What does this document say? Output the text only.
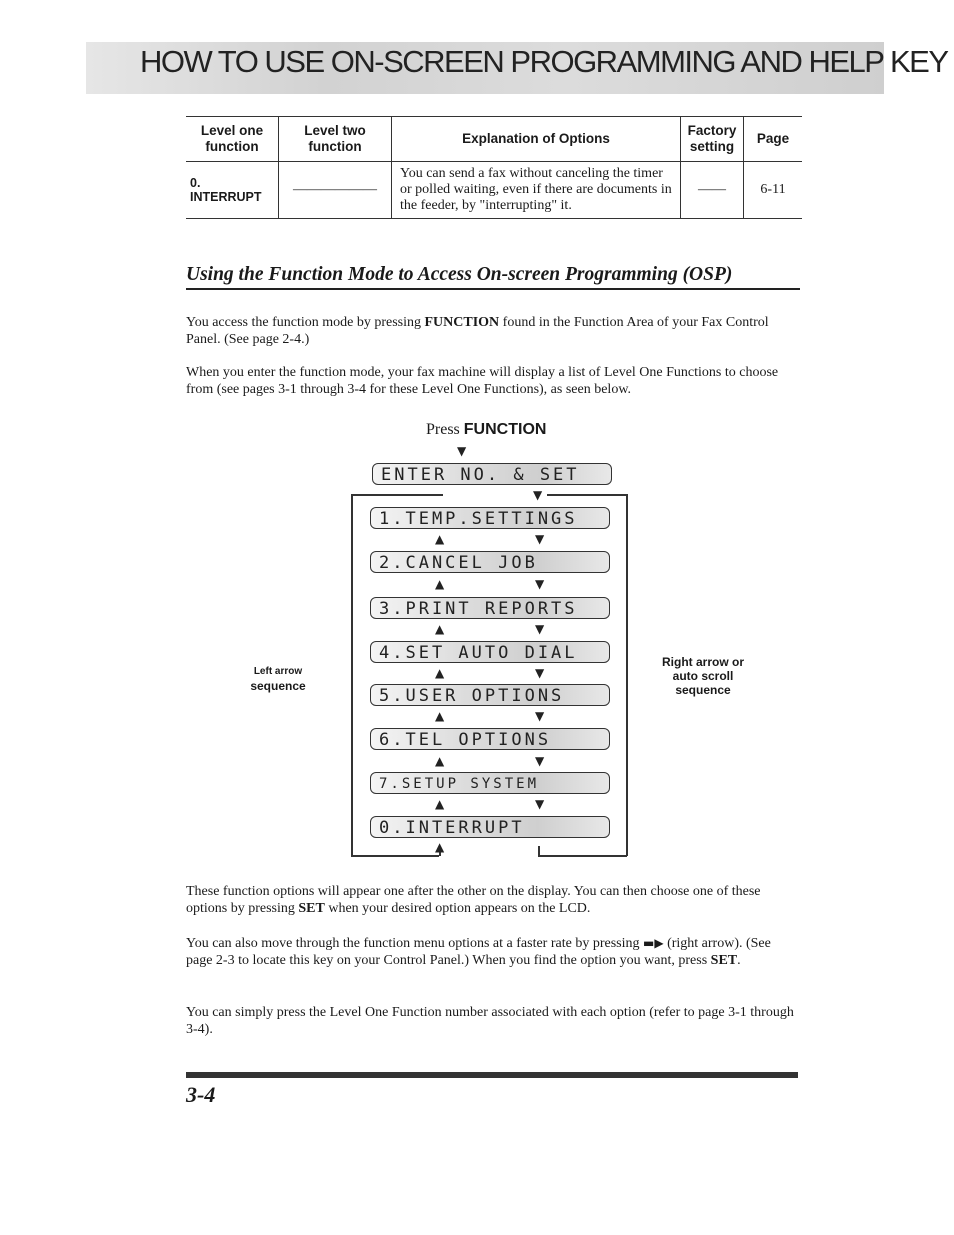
HOW TO USE ON-SCREEN PROGRAMMING AND HELP KEY
Level one function	Level two function	Explanation of Options	Factory setting	Page
0. INTERRUPT	——————	You can send a fax without canceling the timer or polled waiting, even if there are documents in the feeder, by "interrupting" it.	——	6-11
Using the Function Mode to Access On-screen Programming (OSP)
You access the function mode by pressing FUNCTION found in the Function Area of your Fax Control Panel. (See page 2-4.)
When you enter the function mode, your fax machine will display a list of Level One Functions to choose from (see pages 3-1 through 3-4 for these Level One Functions), as seen below.
Press FUNCTION
▼
ENTER NO. & SET
▼
1.TEMP.SETTINGS
2.CANCEL JOB
3.PRINT REPORTS
4.SET AUTO DIAL
5.USER OPTIONS
6.TEL OPTIONS
7.SETUP SYSTEM
0.INTERRUPT
▲	▼
▲	▼
▲	▼
▲	▼
▲	▼
▲	▼
▲	▼
▲
Left arrow
sequence
Right arrow or
auto scroll
sequence
These function options will appear one after the other on the display. You can then choose one of these options by pressing SET when your desired option appears on the LCD.
You can also move through the function menu options at a faster rate by pressing ▬▶ (right arrow). (See page 2-3 to locate this key on your Control Panel.) When you find the option you want, press SET.
You can simply press the Level One Function number associated with each option (refer to page 3-1 through 3-4).
3-4
